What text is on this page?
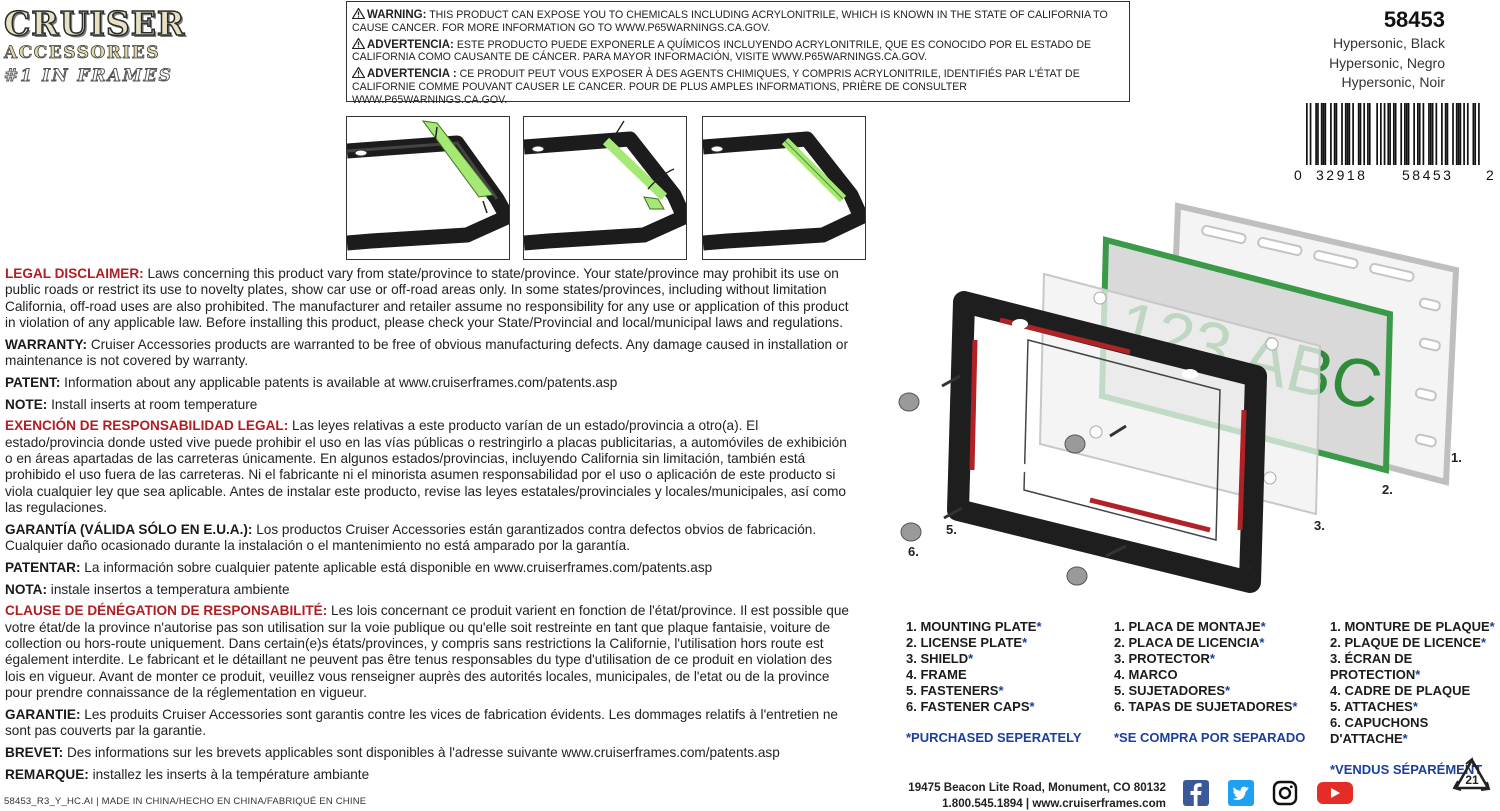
CRUISER
ACCESSORIES
#1 IN FRAMES

WARNING: THIS PRODUCT CAN EXPOSE YOU TO CHEMICALS INCLUDING ACRYLONITRILE, WHICH IS KNOWN IN THE STATE OF CALIFORNIA TO CAUSE CANCER. FOR MORE INFORMATION GO TO WWW.P65WARNINGS.CA.GOV.

ADVERTENCIA: ESTE PRODUCTO PUEDE EXPONERLE A QUÍMICOS INCLUYENDO ACRYLONITRILE, QUE ES CONOCIDO POR EL ESTADO DE CALIFORNIA COMO CAUSANTE DE CÁNCER. PARA MAYOR INFORMACIÓN, VISITE WWW.P65WARNINGS.CA.GOV.

ADVERTENCIA : CE PRODUIT PEUT VOUS EXPOSER À DES AGENTS CHIMIQUES, Y COMPRIS ACRYLONITRILE, IDENTIFIÉS PAR L'ÉTAT DE CALIFORNIE COMME POUVANT CAUSER LE CANCER. POUR DE PLUS AMPLES INFORMATIONS, PRIÈRE DE CONSULTER WWW.P65WARNINGS.CA.GOV.

58453
Hypersonic, Black
Hypersonic, Negro
Hypersonic, Noir
0 32918 58453 2

LEGAL DISCLAIMER: Laws concerning this product vary from state/province to state/province. Your state/province may prohibit its use on public roads or restrict its use to novelty plates, show car use or off-road areas only. In some states/provinces, including without limitation California, off-road uses are also prohibited. The manufacturer and retailer assume no responsibility for any use or application of this product in violation of any applicable law. Before installing this product, please check your State/Provincial and local/municipal laws and regulations.

WARRANTY: Cruiser Accessories products are warranted to be free of obvious manufacturing defects. Any damage caused in installation or maintenance is not covered by warranty.

PATENT: Information about any applicable patents is available at www.cruiserframes.com/patents.asp

NOTE: Install inserts at room temperature

EXENCIÓN DE RESPONSABILIDAD LEGAL: Las leyes relativas a este producto varían de un estado/provincia a otro(a). El estado/provincia donde usted vive puede prohibir el uso en las vías públicas o restringirlo a placas publicitarias, a automóviles de exhibición o en áreas apartadas de las carreteras únicamente. En algunos estados/provincias, incluyendo California sin limitación, también está prohibido el uso fuera de las carreteras. Ni el fabricante ni el minorista asumen responsabilidad por el uso o aplicación de este producto si viola cualquier ley que sea aplicable. Antes de instalar este producto, revise las leyes estatales/provinciales y locales/municipales, así como las regulaciones.

GARANTÍA (VÁLIDA SÓLO EN E.U.A.): Los productos Cruiser Accessories están garantizados contra defectos obvios de fabricación. Cualquier daño ocasionado durante la instalación o el mantenimiento no está amparado por la garantía.

PATENTAR: La información sobre cualquier patente aplicable está disponible en www.cruiserframes.com/patents.asp

NOTA: instale insertos a temperatura ambiente

CLAUSE DE DÉNÉGATION DE RESPONSABILITÉ: Les lois concernant ce produit varient en fonction de l'état/province. Il est possible que votre état/de la province n'autorise pas son utilisation sur la voie publique ou qu'elle soit restreinte en tant que plaque fantaisie, voiture de collection ou hors-route uniquement. Dans certain(e)s états/provinces, y compris sans restrictions la Californie, l'utilisation hors route est également interdite. Le fabricant et le détaillant ne peuvent pas être tenus responsables du type d'utilisation de ce produit en violation des lois en vigueur. Avant de monter ce produit, veuillez vous renseigner auprès des autorités locales, municipales, de l'etat ou de la province pour prendre connaissance de la réglementation en vigueur.

GARANTIE: Les produits Cruiser Accessories sont garantis contre les vices de fabrication évidents. Les dommages relatifs à l'entretien ne sont pas couverts par la garantie.

BREVET: Des informations sur les brevets applicables sont disponibles à l'adresse suivante www.cruiserframes.com/patents.asp

REMARQUE: installez les inserts à la température ambiante

58453_R3_Y_HC.AI | MADE IN CHINA/HECHO EN CHINA/FABRIQUÉ EN CHINE
1.
2.
3.
4.
5.
6.
1. MOUNTING PLATE*
2. LICENSE PLATE*
3. SHIELD*
4. FRAME
5. FASTENERS*
6. FASTENER CAPS*
*PURCHASED SEPERATELY
1. PLACA DE MONTAJE*
2. PLACA DE LICENCIA*
3. PROTECTOR*
4. MARCO
5. SUJETADORES*
6. TAPAS DE SUJETADORES*
*SE COMPRA POR SEPARADO
1. MONTURE DE PLAQUE*
2. PLAQUE DE LICENCE*
3. ÉCRAN DE PROTECTION*
4. CADRE DE PLAQUE
5. ATTACHES*
6. CAPUCHONS D'ATTACHE*
*VENDUS SÉPARÉMENT
19475 Beacon Lite Road, Monument, CO 80132
1.800.545.1894 | www.cruiserframes.com
21
